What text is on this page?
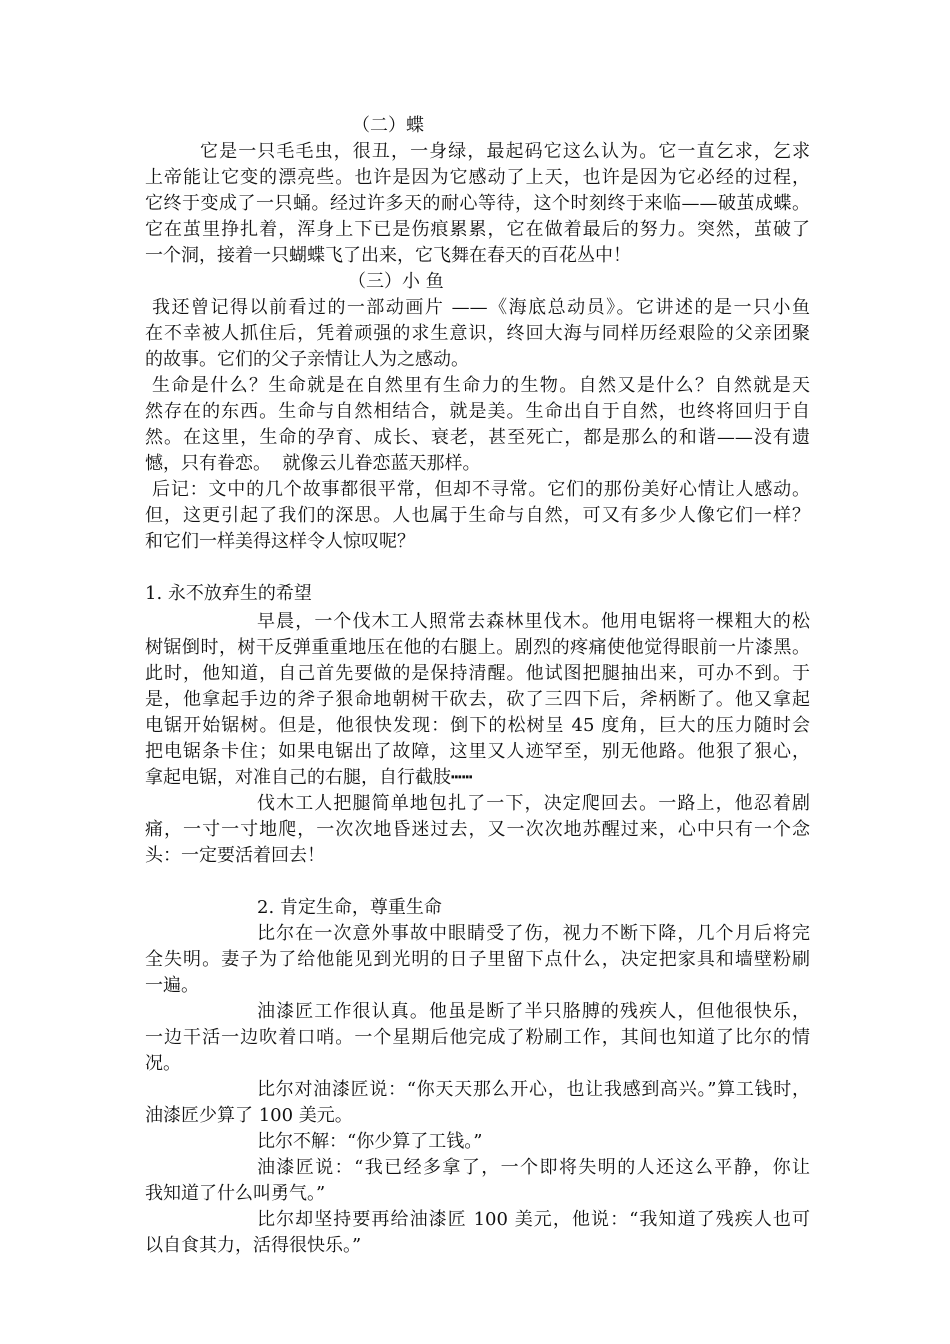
（二）蝶
它是一只毛毛虫，很丑，一身绿，最起码它这么认为。它一直乞求，乞求
上帝能让它变的漂亮些。也许是因为它感动了上天，也许是因为它必经的过程，
它终于变成了一只蛹。经过许多天的耐心等待，这个时刻终于来临——破茧成蝶。
它在茧里挣扎着，浑身上下已是伤痕累累，它在做着最后的努力。突然，茧破了
一个洞，接着一只蝴蝶飞了出来，它飞舞在春天的百花丛中！
（三）小 鱼
我还曾记得以前看过的一部动画片 ——《海底总动员》。它讲述的是一只小鱼
在不幸被人抓住后，凭着顽强的求生意识，终回大海与同样历经艰险的父亲团聚
的故事。它们的父子亲情让人为之感动。
生命是什么？生命就是在自然里有生命力的生物。自然又是什么？自然就是天
然存在的东西。生命与自然相结合，就是美。生命出自于自然，也终将回归于自
然。在这里，生命的孕育、成长、衰老，甚至死亡，都是那么的和谐——没有遗
憾，只有眷恋。  就像云儿眷恋蓝天那样。
后记：文中的几个故事都很平常，但却不寻常。它们的那份美好心情让人感动。
但，这更引起了我们的深思。人也属于生命与自然，可又有多少人像它们一样？
和它们一样美得这样令人惊叹呢？
1. 永不放弃生的希望
早晨，一个伐木工人照常去森林里伐木。他用电锯将一棵粗大的松
树锯倒时，树干反弹重重地压在他的右腿上。剧烈的疼痛使他觉得眼前一片漆黑。
此时，他知道，自己首先要做的是保持清醒。他试图把腿抽出来，可办不到。于
是，他拿起手边的斧子狠命地朝树干砍去，砍了三四下后，斧柄断了。他又拿起
电锯开始锯树。但是，他很快发现：倒下的松树呈 45 度角，巨大的压力随时会
把电锯条卡住；如果电锯出了故障，这里又人迹罕至，别无他路。他狠了狠心，
拿起电锯，对准自己的右腿，自行截肢┅┅
伐木工人把腿简单地包扎了一下，决定爬回去。一路上，他忍着剧
痛，一寸一寸地爬，一次次地昏迷过去，又一次次地苏醒过来，心中只有一个念
头：一定要活着回去！
2. 肯定生命，尊重生命
比尔在一次意外事故中眼睛受了伤，视力不断下降，几个月后将完
全失明。妻子为了给他能见到光明的日子里留下点什么，决定把家具和墙壁粉刷
一遍。
油漆匠工作很认真。他虽是断了半只胳膊的残疾人，但他很快乐，
一边干活一边吹着口哨。一个星期后他完成了粉刷工作，其间也知道了比尔的情
况。
比尔对油漆匠说：“你天天那么开心，也让我感到高兴。”算工钱时，
油漆匠少算了 100 美元。
比尔不解：“你少算了工钱。”
油漆匠说：“我已经多拿了，一个即将失明的人还这么平静，你让
我知道了什么叫勇气。”
比尔却坚持要再给油漆匠 100 美元，他说：“我知道了残疾人也可
以自食其力，活得很快乐。”
